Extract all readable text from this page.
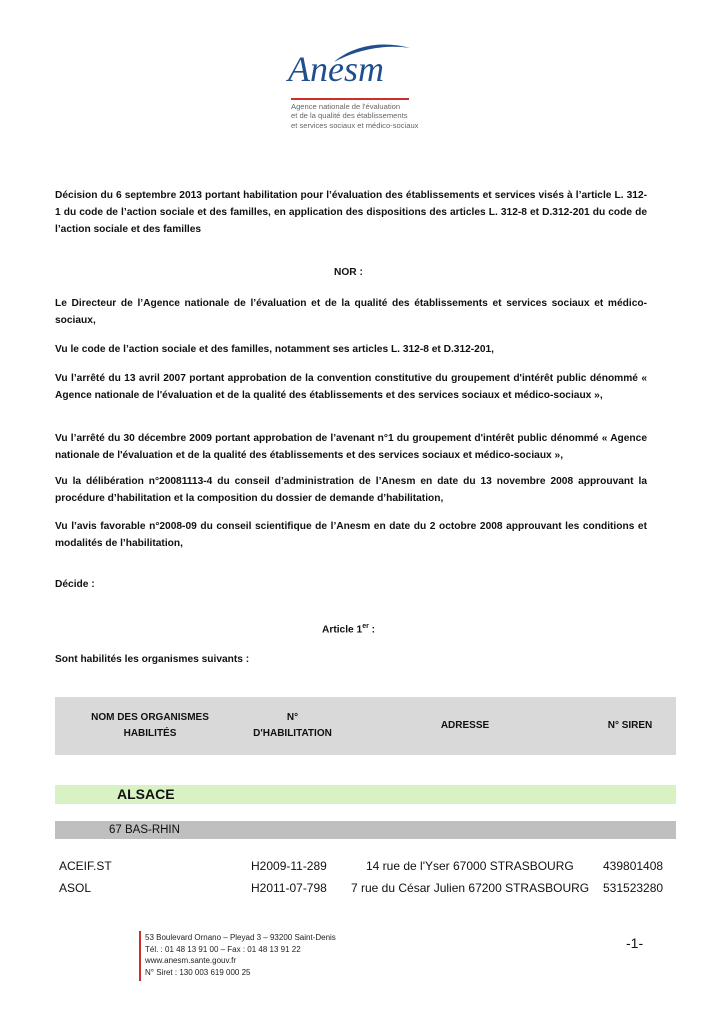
Anesm
Agence nationale de l'évaluation
et de la qualité des établissements
et services sociaux et médico-sociaux

Décision du 6 septembre 2013 portant habilitation pour l’évaluation des établissements et services visés à l’article L. 312-1 du code de l’action sociale et des familles, en application des dispositions des articles L. 312-8 et D.312-201 du code de l’action sociale et des familles

NOR :

Le Directeur de l’Agence nationale de l’évaluation et de la qualité des établissements et services sociaux et médico-sociaux,

Vu le code de l’action sociale et des familles, notamment ses articles L. 312-8 et D.312-201,

Vu l’arrêté du 13 avril 2007 portant approbation de la convention constitutive du groupement d'intérêt public dénommé « Agence nationale de l'évaluation et de la qualité des établissements et des services sociaux et médico-sociaux »,

Vu l’arrêté du 30 décembre 2009 portant approbation de l’avenant n°1 du groupement d'intérêt public dénommé « Agence nationale de l'évaluation et de la qualité des établissements et des services sociaux et médico-sociaux »,

Vu la délibération n°20081113-4 du conseil d’administration de l’Anesm en date du 13 novembre 2008 approuvant la procédure d’habilitation et la composition du dossier de demande d’habilitation,

Vu l’avis favorable n°2008-09 du conseil scientifique de l’Anesm en date du 2 octobre 2008 approuvant les conditions et modalités de l’habilitation,

Décide :
Article 1er :
Sont habilités les organismes suivants :
NOM DES ORGANISMES
HABILITÉS
N°
D'HABILITATION
ADRESSE	N° SIREN
ALSACE
67 BAS-RHIN
ACEIF.ST	H2009-11-289	14 rue de l'Yser 67000 STRASBOURG 439801408
ASOL	H2011-07-798 7 rue du César Julien 67200 STRASBOURG 531523280
53 Boulevard Ornano – Pleyad 3 – 93200 Saint-Denis
Tél. : 01 48 13 91 00 – Fax : 01 48 13 91 22
www.anesm.sante.gouv.fr
N° Siret : 130 003 619 000 25
-1-
